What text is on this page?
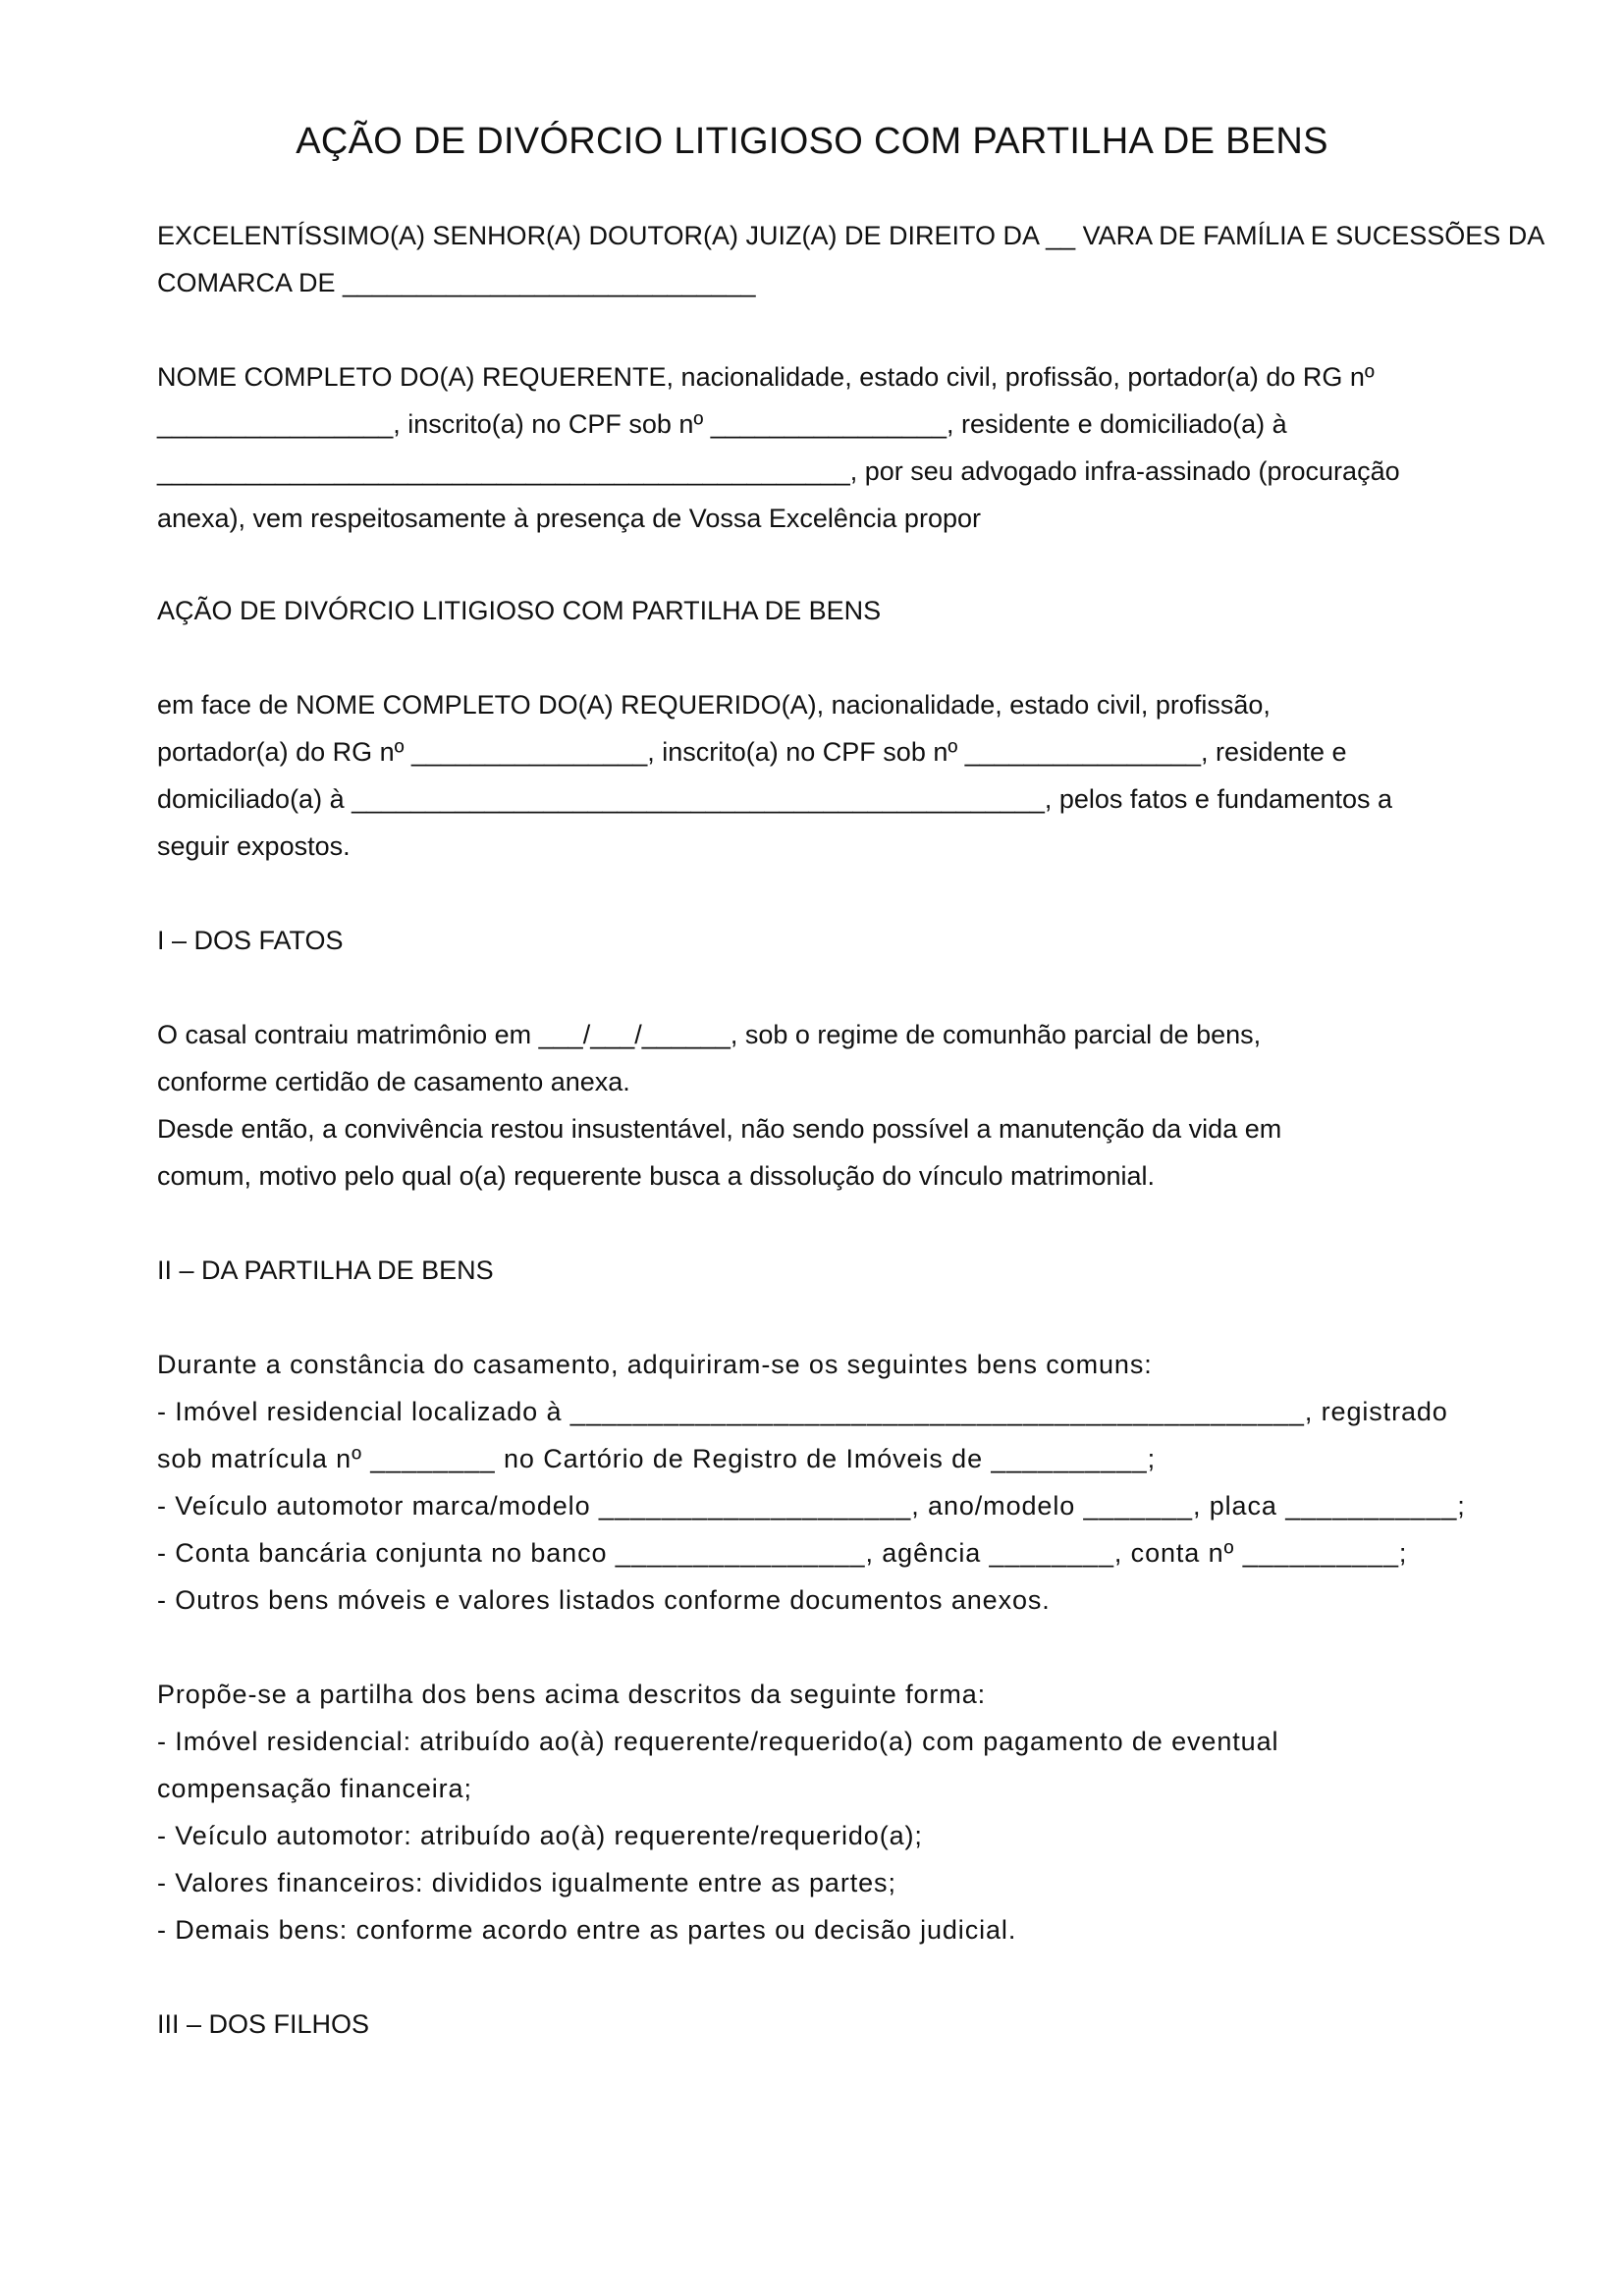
AÇÃO DE DIVÓRCIO LITIGIOSO COM PARTILHA DE BENS
EXCELENTÍSSIMO(A) SENHOR(A) DOUTOR(A) JUIZ(A) DE DIREITO DA __ VARA DE FAMÍLIA E SUCESSÕES DA
COMARCA DE ____________________________
NOME COMPLETO DO(A) REQUERENTE, nacionalidade, estado civil, profissão, portador(a) do RG nº
________________, inscrito(a) no CPF sob nº ________________, residente e domiciliado(a) à
_______________________________________________, por seu advogado infra-assinado (procuração
anexa), vem respeitosamente à presença de Vossa Excelência propor
AÇÃO DE DIVÓRCIO LITIGIOSO COM PARTILHA DE BENS
em face de NOME COMPLETO DO(A) REQUERIDO(A), nacionalidade, estado civil, profissão,
portador(a) do RG nº ________________, inscrito(a) no CPF sob nº ________________, residente e
domiciliado(a) à _______________________________________________, pelos fatos e fundamentos a
seguir expostos.
I – DOS FATOS
O casal contraiu matrimônio em ___/___/______, sob o regime de comunhão parcial de bens,
conforme certidão de casamento anexa.
Desde então, a convivência restou insustentável, não sendo possível a manutenção da vida em
comum, motivo pelo qual o(a) requerente busca a dissolução do vínculo matrimonial.
II – DA PARTILHA DE BENS
Durante a constância do casamento, adquiriram-se os seguintes bens comuns:
- Imóvel residencial localizado à _______________________________________________, registrado
sob matrícula nº ________ no Cartório de Registro de Imóveis de __________;
- Veículo automotor marca/modelo ____________________, ano/modelo _______, placa ___________;
- Conta bancária conjunta no banco ________________, agência ________, conta nº __________;
- Outros bens móveis e valores listados conforme documentos anexos.
Propõe-se a partilha dos bens acima descritos da seguinte forma:
- Imóvel residencial: atribuído ao(à) requerente/requerido(a) com pagamento de eventual
compensação financeira;
- Veículo automotor: atribuído ao(à) requerente/requerido(a);
- Valores financeiros: divididos igualmente entre as partes;
- Demais bens: conforme acordo entre as partes ou decisão judicial.
III – DOS FILHOS
